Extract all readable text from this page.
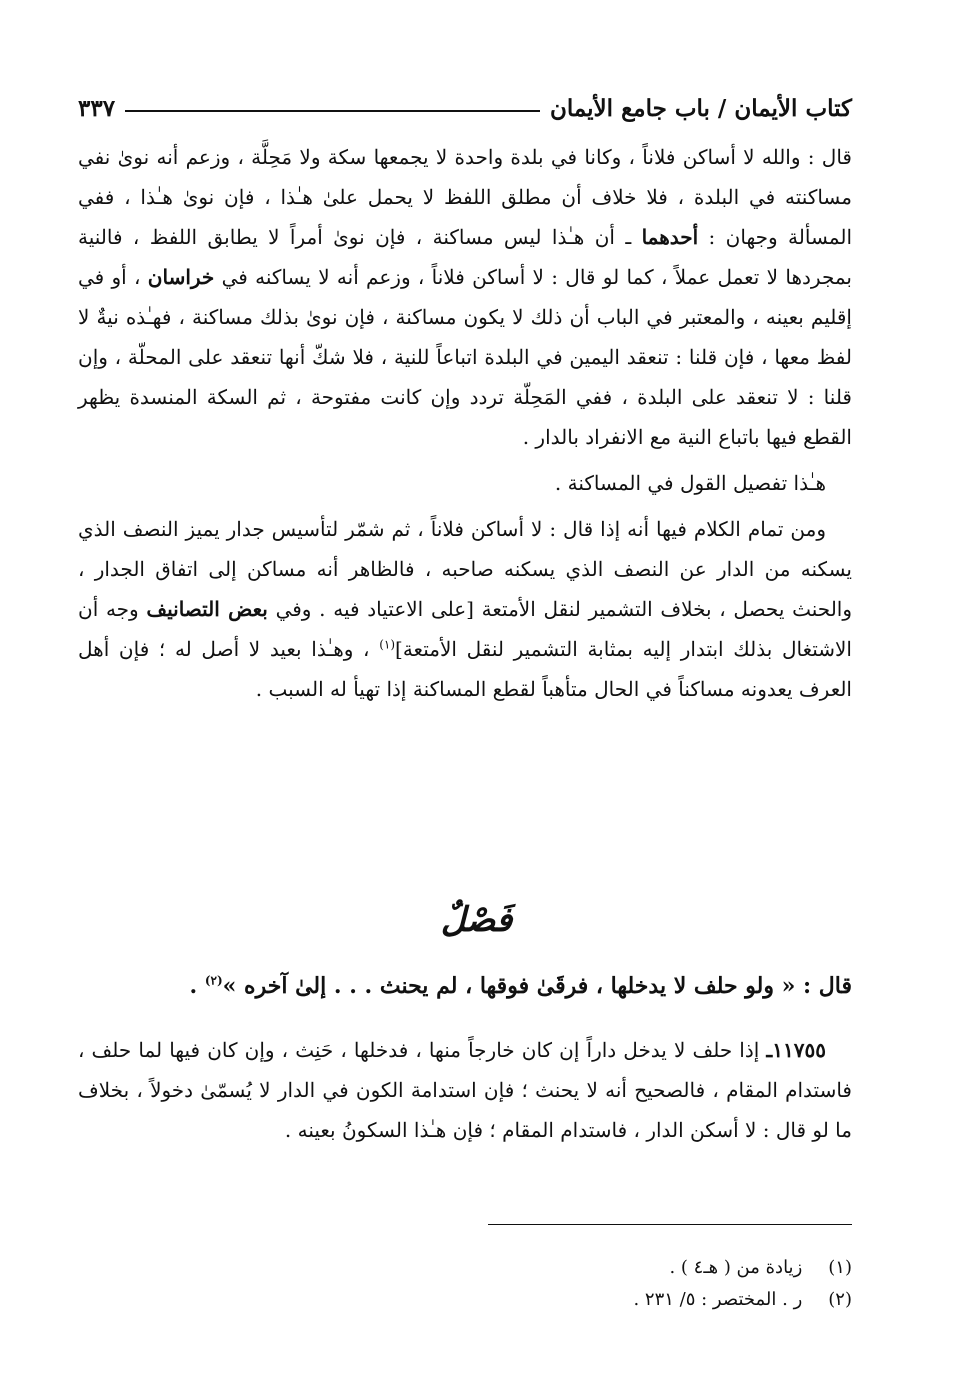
كتاب الأيمان / باب جامع الأيمان
٣٣٧

قال : والله لا أساكن فلاناً ، وكانا في بلدة واحدة لا يجمعها سكة ولا مَحِلَّة ، وزعم أنه نوىٰ نفي مساكنته في البلدة ، فلا خلاف أن مطلق اللفظ لا يحمل علىٰ هـٰذا ، فإن نوىٰ هـٰذا ، ففي المسألة وجهان : أحدهما ـ أن هـٰذا ليس مساكنة ، فإن نوىٰ أمراً لا يطابق اللفظ ، فالنية بمجردها لا تعمل عملاً ، كما لو قال : لا أساكن فلاناً ، وزعم أنه لا يساكنه في خراسان ، أو في إقليم بعينه ، والمعتبر في الباب أن ذلك لا يكون مساكنة ، فإن نوىٰ بذلك مساكنة ، فهـٰذه نيةٌ لا لفظ معها ، فإن قلنا : تنعقد اليمين في البلدة اتباعاً للنية ، فلا شكّ أنها تنعقد على المحلّة ، وإن قلنا : لا تنعقد على البلدة ، ففي المَحِلّة تردد وإن كانت مفتوحة ، ثم السكة المنسدة يظهر القطع فيها باتباع النية مع الانفراد بالدار .

هـٰذا تفصيل القول في المساكنة .

ومن تمام الكلام فيها أنه إذا قال : لا أساكن فلاناً ، ثم شمّر لتأسيس جدار يميز النصف الذي يسكنه من الدار عن النصف الذي يسكنه صاحبه ، فالظاهر أنه مساكن إلى اتفاق الجدار ، والحنث يحصل ، بخلاف التشمير لنقل الأمتعة [على الاعتياد فيه . وفي بعض التصانيف وجه أن الاشتغال بذلك ابتدار إليه بمثابة التشمير لنقل الأمتعة]$^{(١)}$ ، وهـٰذا بعيد لا أصل له ؛ فإن أهل العرف يعدونه مساكناً في الحال متأهباً لقطع المساكنة إذا تهيأ له السبب .

فَصْلٌ
قال : « ولو حلف لا يدخلها ، فرقَىٰ فوقها ، لم يحنث . . . إلىٰ آخره »$^{(٢)}$ .

١١٧٥٥ـ إذا حلف لا يدخل داراً إن كان خارجاً منها ، فدخلها ، حَنِث ، وإن كان فيها لما حلف ، فاستدام المقام ، فالصحيح أنه لا يحنث ؛ فإن استدامة الكون في الدار لا يُسمّىٰ دخولاً ، بخلاف ما لو قال : لا أسكن الدار ، فاستدام المقام ؛ فإن هـٰذا السكونُ بعينه .

(١) زيادة من ( هـ٤ ) .
(٢) ر . المختصر : ٥/ ٢٣١ .
